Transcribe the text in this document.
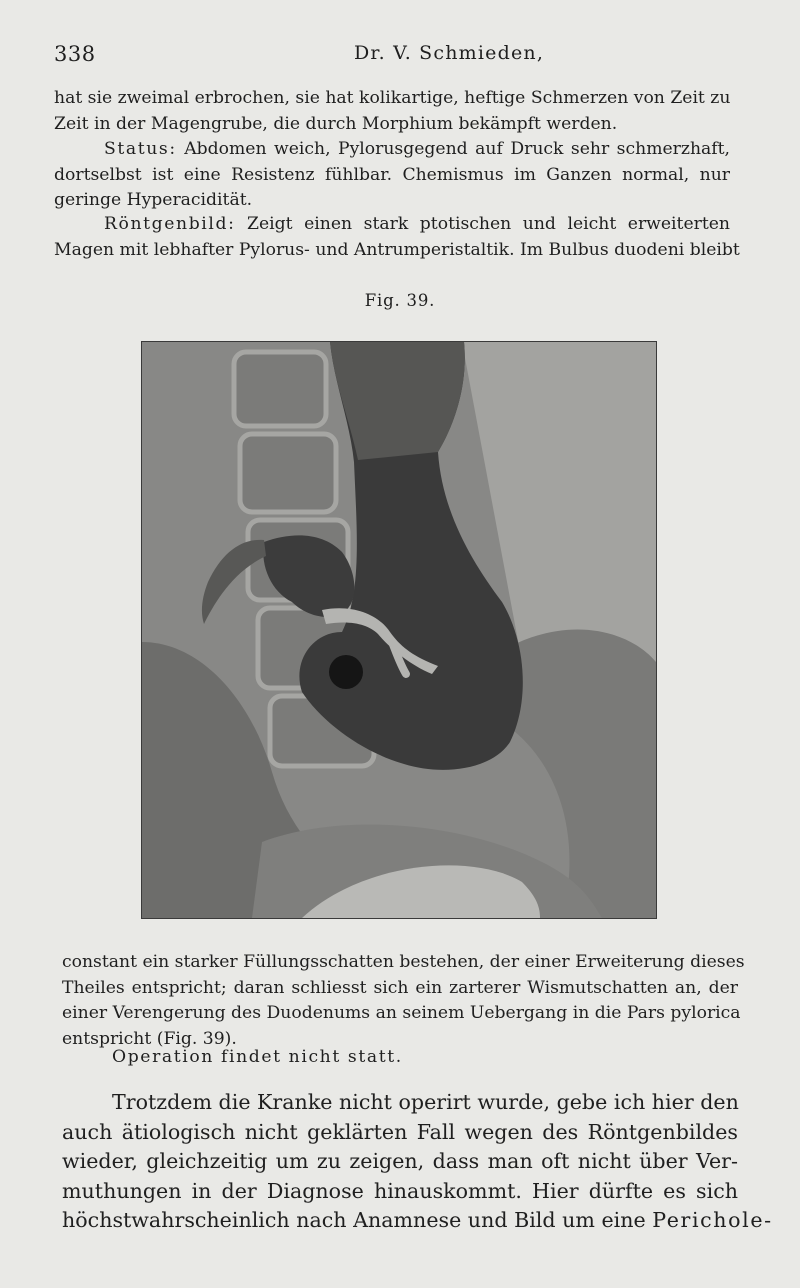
338	Dr. V. Schmieden,

hat sie zweimal erbrochen, sie hat kolikartige, heftige Schmerzen von Zeit zu
Zeit in der Magengrube, die durch Morphium bekämpft werden.

Status: Abdomen weich, Pylorusgegend auf Druck sehr schmerzhaft,
dortselbst ist eine Resistenz fühlbar. Chemismus im Ganzen normal, nur
geringe Hyperacidität.

Röntgenbild: Zeigt einen stark ptotischen und leicht erweiterten
Magen mit lebhafter Pylorus- und Antrumperistaltik. Im Bulbus duodeni bleibt

Fig. 39.

constant ein starker Füllungsschatten bestehen, der einer Erweiterung dieses
Theiles entspricht; daran schliesst sich ein zarterer Wismutschatten an, der
einer Verengerung des Duodenums an seinem Uebergang in die Pars pylorica
entspricht (Fig. 39).

Operation findet nicht statt.

Trotzdem die Kranke nicht operirt wurde, gebe ich hier den
auch ätiologisch nicht geklärten Fall wegen des Röntgenbildes
wieder, gleichzeitig um zu zeigen, dass man oft nicht über Ver-
muthungen in der Diagnose hinauskommt. Hier dürfte es sich
höchstwahrscheinlich nach Anamnese und Bild um eine Pericholе-
